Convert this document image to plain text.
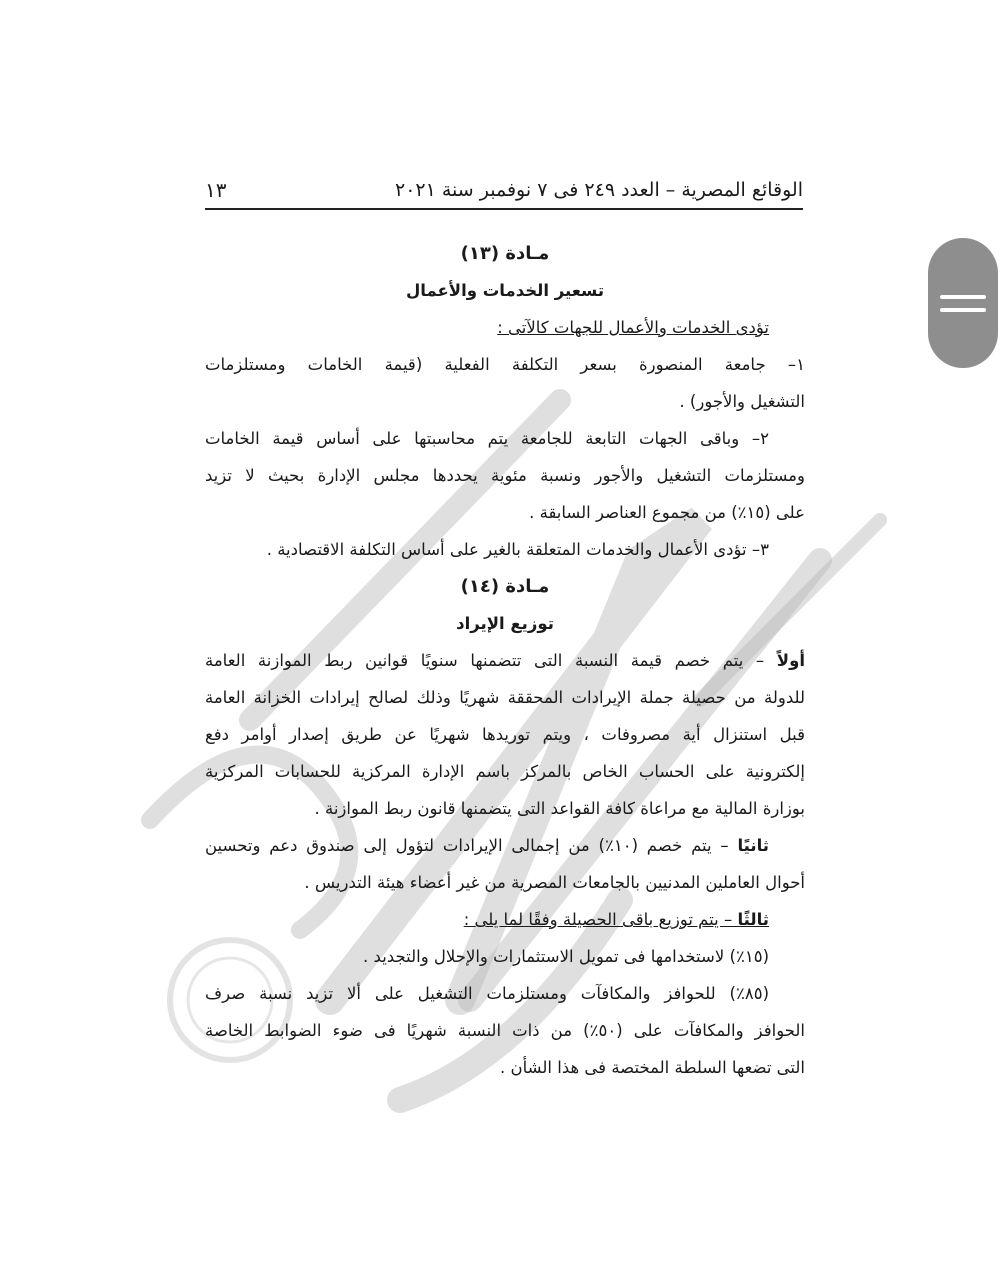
الوقائع المصرية – العدد ٢٤٩ فى ٧ نوفمبر سنة ٢٠٢١
١٣
مـادة (١٣)
تسعير الخدمات والأعمال
تؤدى الخدمات والأعمال للجهات كالآتى :
١– جامعة المنصورة بسعر التكلفة الفعلية (قيمة الخامات ومستلزمات
التشغيل والأجور) .
٢– وباقى الجهات التابعة للجامعة يتم محاسبتها على أساس قيمة الخامات
ومستلزمات التشغيل والأجور ونسبة مئوية يحددها مجلس الإدارة بحيث لا تزيد
على (١٥٪) من مجموع العناصر السابقة .
٣– تؤدى الأعمال والخدمات المتعلقة بالغير على أساس التكلفة الاقتصادية .
مـادة (١٤)
توزيع الإيراد
أولاً – يتم خصم قيمة النسبة التى تتضمنها سنويًا قوانين ربط الموازنة العامة
للدولة من حصيلة جملة الإيرادات المحققة شهريًا وذلك لصالح إيرادات الخزانة العامة
قبل استنزال أية مصروفات ، ويتم توريدها شهريًا عن طريق إصدار أوامر دفع
إلكترونية على الحساب الخاص بالمركز باسم الإدارة المركزية للحسابات المركزية
بوزارة المالية مع مراعاة كافة القواعد التى يتضمنها قانون ربط الموازنة .
ثانيًا – يتم خصم (١٠٪) من إجمالى الإيرادات لتؤول إلى صندوق دعم وتحسين
أحوال العاملين المدنيين بالجامعات المصرية من غير أعضاء هيئة التدريس .
ثالثًا – يتم توزيع باقى الحصيلة وفقًا لما يلى :
(١٥٪) لاستخدامها فى تمويل الاستثمارات والإحلال والتجديد .
(٨٥٪) للحوافز والمكافآت ومستلزمات التشغيل على ألا تزيد نسبة صرف
الحوافز والمكافآت على (٥٠٪) من ذات النسبة شهريًا فى ضوء الضوابط الخاصة
التى تضعها السلطة المختصة فى هذا الشأن .
